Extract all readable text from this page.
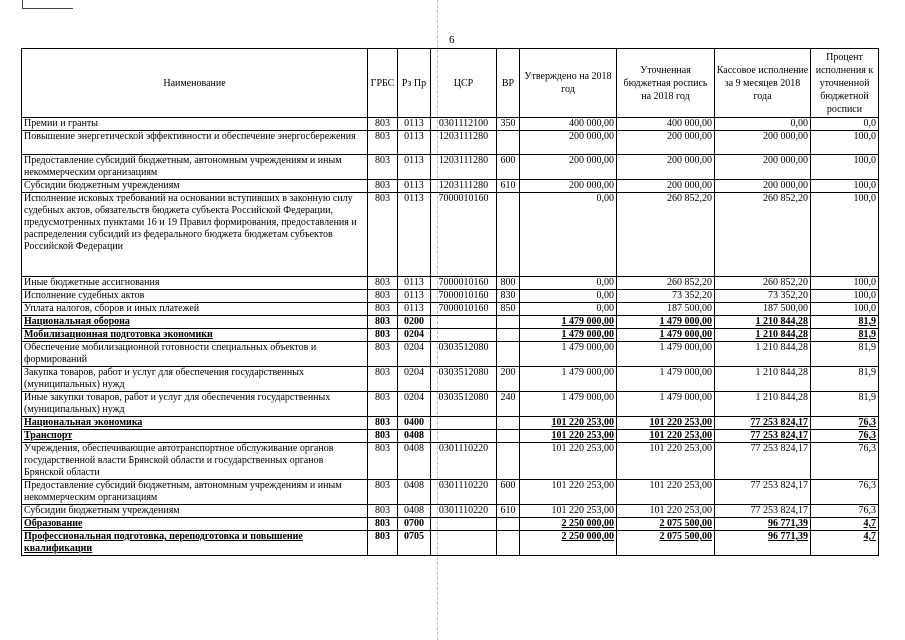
6
Наименование	ГРБС	Рз Пр	ЦСР	ВР	Утверждено на 2018 год	Уточненная бюджетная роспись на 2018 год	Кассовое исполнение за 9 месяцев 2018 года	Процент исполнения к уточненной бюджетной росписи
Премии и гранты	803	0113	0301112100	350	400 000,00	400 000,00	0,00	0,0
Повышение энергетической эффективности и обеспечение энергосбережения	803	0113	1203111280		200 000,00	200 000,00	200 000,00	100,0
Предоставление субсидий бюджетным, автономным учреждениям и иным некоммерческим организациям	803	0113	1203111280	600	200 000,00	200 000,00	200 000,00	100,0
Субсидии бюджетным учреждениям	803	0113	1203111280	610	200 000,00	200 000,00	200 000,00	100,0
Исполнение исковых требований на основании вступивших в законную силу судебных актов, обязательств бюджета субъекта Российской Федерации, предусмотренных пунктами 16 и 19 Правил формирования, предоставления и распределения субсидий из федерального бюджета бюджетам субъектов Российской Федерации	803	0113	7000010160		0,00	260 852,20	260 852,20	100,0
Иные бюджетные ассигнования	803	0113	7000010160	800	0,00	260 852,20	260 852,20	100,0
Исполнение судебных актов	803	0113	7000010160	830	0,00	73 352,20	73 352,20	100,0
Уплата налогов, сборов и иных платежей	803	0113	7000010160	850	0,00	187 500,00	187 500,00	100,0
Национальная оборона	803	0200			1 479 000,00	1 479 000,00	1 210 844,28	81,9
Мобилизационная подготовка экономики	803	0204			1 479 000,00	1 479 000,00	1 210 844,28	81,9
Обеспечение мобилизационной готовности специальных объектов и формирований	803	0204	0303512080		1 479 000,00	1 479 000,00	1 210 844,28	81,9
Закупка товаров, работ и услуг для обеспечения государственных (муниципальных) нужд	803	0204	0303512080	200	1 479 000,00	1 479 000,00	1 210 844,28	81,9
Иные закупки товаров, работ и услуг для обеспечения государственных (муниципальных) нужд	803	0204	0303512080	240	1 479 000,00	1 479 000,00	1 210 844,28	81,9
Национальная экономика	803	0400			101 220 253,00	101 220 253,00	77 253 824,17	76,3
Транспорт	803	0408			101 220 253,00	101 220 253,00	77 253 824,17	76,3
Учреждения, обеспечивающие автотранспортное обслуживание органов государственной власти Брянской области и государственных органов Брянской области	803	0408	0301110220		101 220 253,00	101 220 253,00	77 253 824,17	76,3
Предоставление субсидий бюджетным, автономным учреждениям и иным некоммерческим организациям	803	0408	0301110220	600	101 220 253,00	101 220 253,00	77 253 824,17	76,3
Субсидии бюджетным учреждениям	803	0408	0301110220	610	101 220 253,00	101 220 253,00	77 253 824,17	76,3
Образование	803	0700			2 250 000,00	2 075 500,00	96 771,39	4,7
Профессиональная подготовка, переподготовка и повышение квалификации	803	0705			2 250 000,00	2 075 500,00	96 771,39	4,7
